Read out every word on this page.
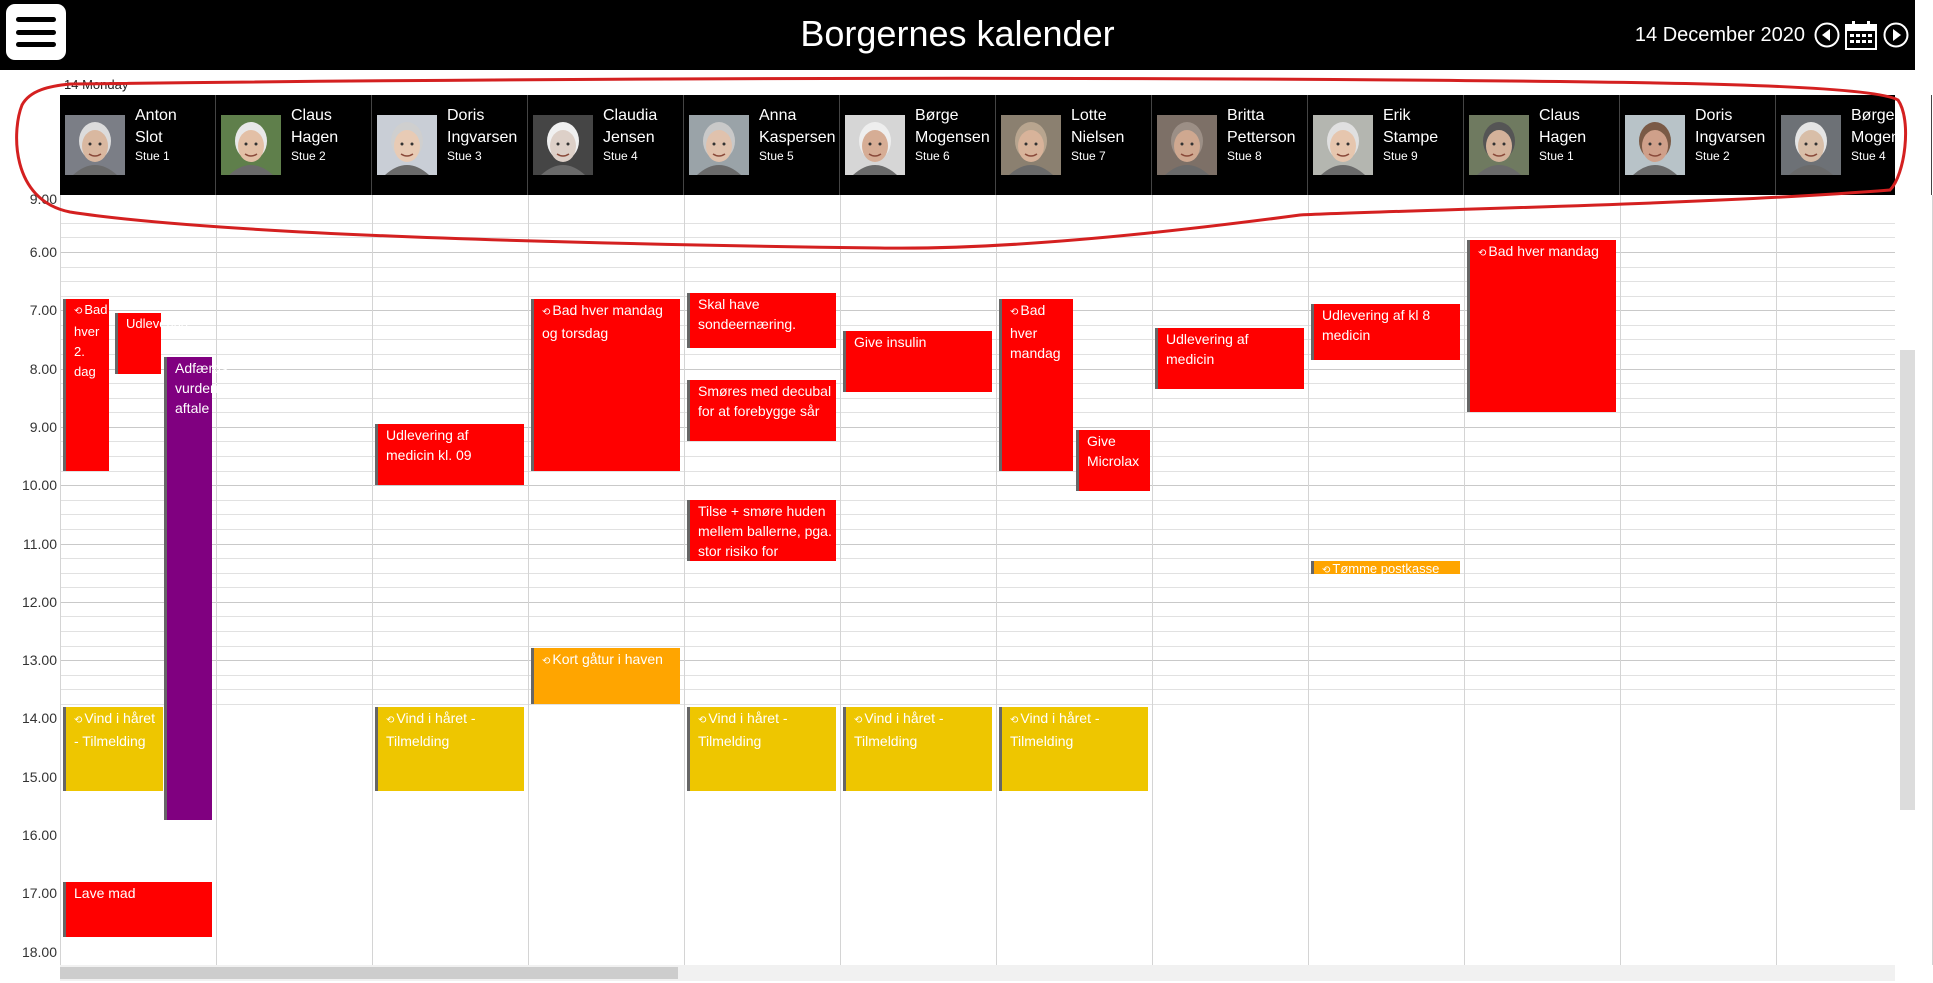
Borgernes kalender	14 December 2020
14 Monday
Anton
Slot
Stue 1
Claus
Hagen
Stue 2
Doris
Ingvarsen
Stue 3
Claudia
Jensen
Stue 4
Anna
Kaspersen
Stue 5
Børge
Mogensen
Stue 6
Lotte
Nielsen
Stue 7
Britta
Petterson
Stue 8
Erik
Stampe
Stue 9
Claus
Hagen
Stue 1
Doris
Ingvarsen
Stue 2
Børge
Mogensen
Stue 4
9.00
6.00
7.00
8.00
9.00
10.00
11.00
12.00
13.00
14.00
15.00
16.00
17.00
18.00
⟲ Bad hver 2. dag
Udlevering
Adfærds vurderings aftale
⟲ Vind i håret - Tilmelding
Lave mad
Udlevering af medicin kl. 09
⟲ Vind i håret - Tilmelding
⟲ Bad hver mandag og torsdag
⟲ Kort gåtur i haven
Skal have sondeernæring.
Smøres med decubal for at forebygge sår
Tilse + smøre huden mellem ballerne, pga. stor risiko for
⟲ Vind i håret - Tilmelding
Give insulin
⟲ Vind i håret - Tilmelding
⟲ Bad hver mandag
Give Microlax
⟲ Vind i håret - Tilmelding
Udlevering af medicin
Udlevering af kl 8 medicin
⟲ Tømme postkasse
⟲ Bad hver mandag
